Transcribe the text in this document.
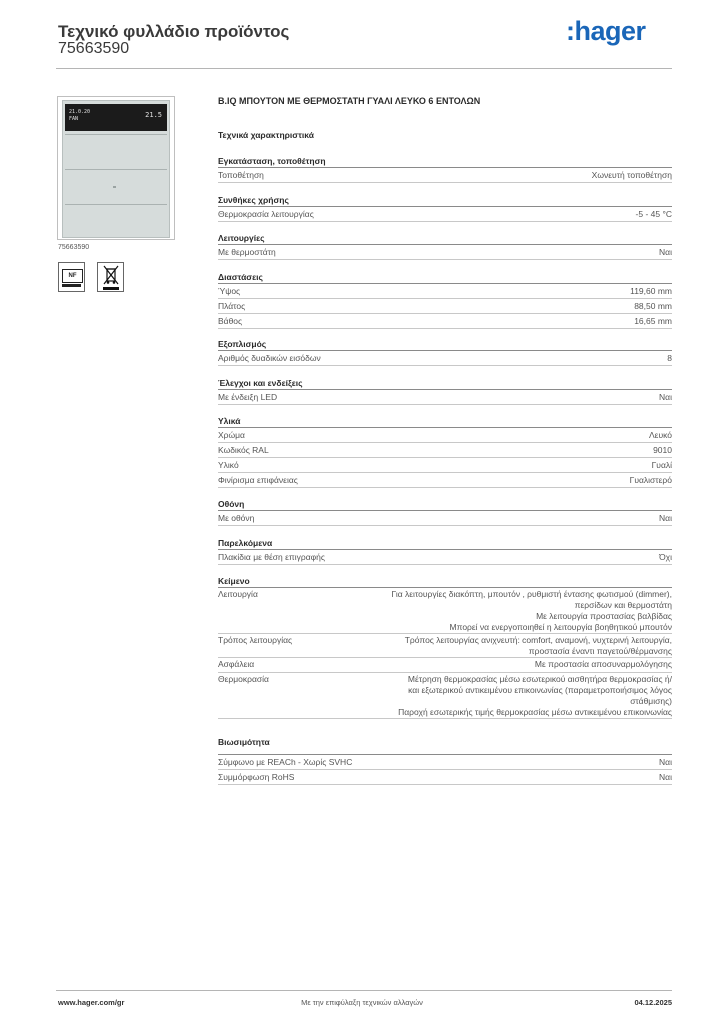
Τεχνικό φυλλάδιο προϊόντος
75663590
:hager
21.0.20
FAN	21.5
75663590
NF
B.IQ ΜΠΟΥΤΟΝ ΜΕ ΘΕΡΜΟΣΤΑΤΗ ΓΥΑΛΙ ΛΕΥΚΟ 6 ΕΝΤΟΛΩΝ
Τεχνικά χαρακτηριστικά
Εγκατάσταση, τοποθέτηση
Τοποθέτηση	Χωνευτή τοποθέτηση
Συνθήκες χρήσης
Θερμοκρασία λειτουργίας	-5 - 45 °C
Λειτουργίες
Με θερμοστάτη	Ναι
Διαστάσεις
Ύψος	119,60 mm
Πλάτος	88,50 mm
Βάθος	16,65 mm
Εξοπλισμός
Αριθμός δυαδικών εισόδων	8
Έλεγχοι και ενδείξεις
Με ένδειξη LED	Ναι
Υλικά
Χρώμα	Λευκό
Κωδικός RAL	9010
Υλικό	Γυαλί
Φινίρισμα επιφάνειας	Γυαλιστερό
Οθόνη
Με οθόνη	Ναι
Παρελκόμενα
Πλακίδια με θέση επιγραφής	Όχι
Κείμενο
Λειτουργία	Για λειτουργίες διακόπτη, μπουτόν , ρυθμιστή έντασης φωτισμού (dimmer),
περσίδων και θερμοστάτη
Με λειτουργία προστασίας βαλβίδας
Μπορεί να ενεργοποιηθεί η λειτουργία βοηθητικού μπουτόν
Τρόπος λειτουργίας	Τρόπος λειτουργίας ανιχνευτή: comfort, αναμονή, νυχτερινή λειτουργία,
προστασία έναντι παγετού/θέρμανσης
Ασφάλεια	Με προστασία αποσυναρμολόγησης
Θερμοκρασία	Μέτρηση θερμοκρασίας μέσω εσωτερικού αισθητήρα θερμοκρασίας ή/
και εξωτερικού αντικειμένου επικοινωνίας (παραμετροποιήσιμος λόγος
στάθμισης)
Παροχή εσωτερικής τιμής θερμοκρασίας μέσω αντικειμένου επικοινωνίας
Βιωσιμότητα
Σύμφωνο με REACh - Χωρίς SVHC	Ναι
Συμμόρφωση RoHS	Ναι
www.hager.com/gr	Με την επιφύλαξη τεχνικών αλλαγών	04.12.2025
